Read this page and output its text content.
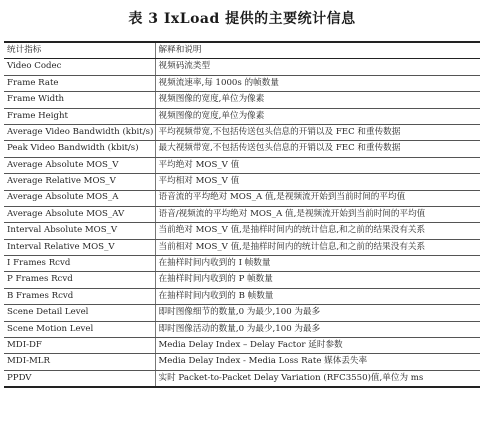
表 3 IxLoad 提供的主要统计信息
统计指标	解释和说明
Video Codec	视频码流类型
Frame Rate	视频流速率,每 1000s 的帧数量
Frame Width	视频图像的宽度,单位为像素
Frame Height	视频图像的宽度,单位为像素
Average Video Bandwidth (kbit/s)	平均视频带宽,不包括传送包头信息的开销以及 FEC 和重传数据
Peak Video Bandwidth (kbit/s)	最大视频带宽,不包括传送包头信息的开销以及 FEC 和重传数据
Average Absolute MOS_V	平均绝对 MOS_V 值
Average Relative MOS_V	平均相对 MOS_V 值
Average Absolute MOS_A	语音流的平均绝对 MOS_A 值,是视频流开始到当前时间的平均值
Average Absolute MOS_AV	语音/视频流的平均绝对 MOS_A 值,是视频流开始到当前时间的平均值
Interval Absolute MOS_V	当前绝对 MOS_V 值,是抽样时间内的统计信息,和之前的结果没有关系
Interval Relative MOS_V	当前相对 MOS_V 值,是抽样时间内的统计信息,和之前的结果没有关系
I Frames Rcvd	在抽样时间内收到的 I 帧数量
P Frames Rcvd	在抽样时间内收到的 P 帧数量
B Frames Rcvd	在抽样时间内收到的 B 帧数量
Scene Detail Level	即时图像细节的数量,0 为最少,100 为最多
Scene Motion Level	即时图像活动的数量,0 为最少,100 为最多
MDI-DF	Media Delay Index – Delay Factor 延时参数
MDI-MLR	Media Delay Index - Media Loss Rate 媒体丢失率
PPDV	实时 Packet-to-Packet Delay Variation (RFC3550)值,单位为 ms
